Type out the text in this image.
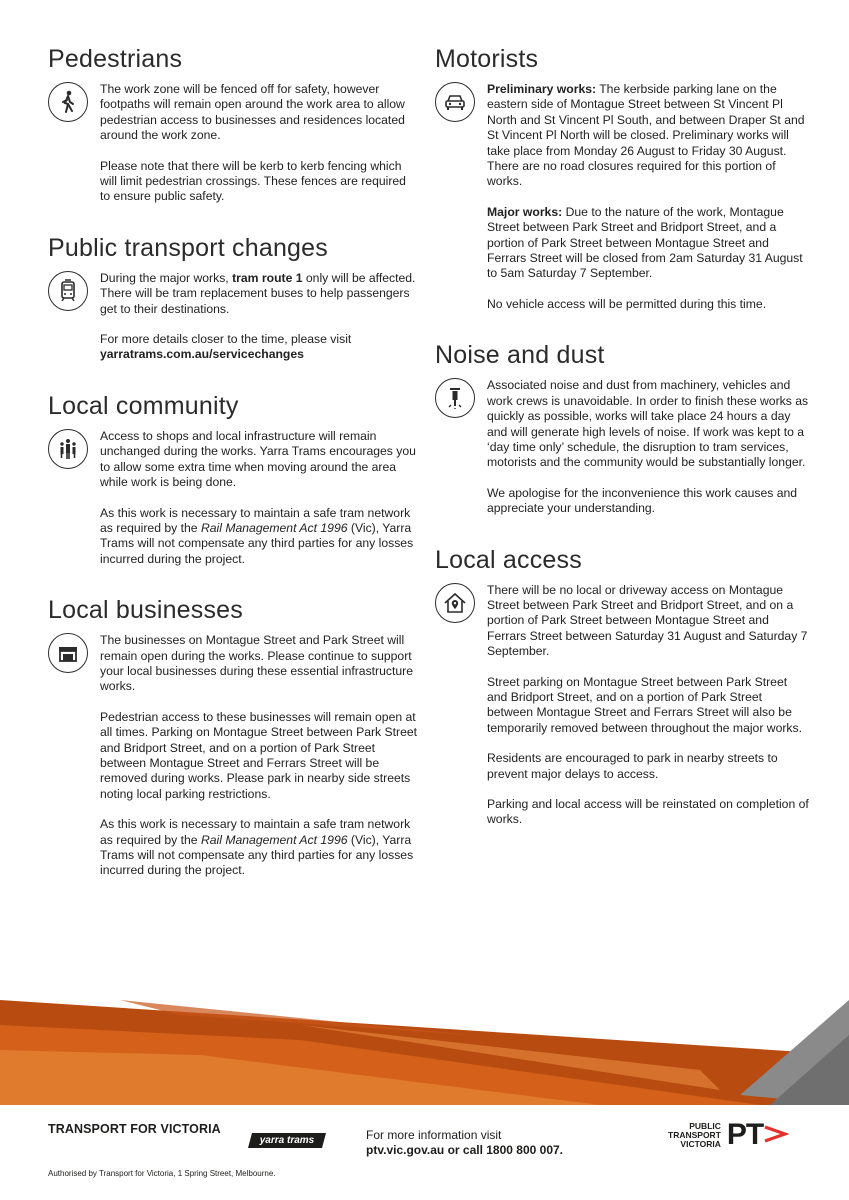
Pedestrians

The work zone will be fenced off for safety, however footpaths will remain open around the work area to allow pedestrian access to businesses and residences located around the work zone.

Please note that there will be kerb to kerb fencing which will limit pedestrian crossings. These fences are required to ensure public safety.

Public transport changes

During the major works, tram route 1 only will be affected. There will be tram replacement buses to help passengers get to their destinations.

For more details closer to the time, please visit
yarratrams.com.au/servicechanges

Local community

Access to shops and local infrastructure will remain unchanged during the works. Yarra Trams encourages you to allow some extra time when moving around the area while work is being done.

As this work is necessary to maintain a safe tram network as required by the Rail Management Act 1996 (Vic), Yarra Trams will not compensate any third parties for any losses incurred during the project.

Local businesses

The businesses on Montague Street and Park Street will remain open during the works. Please continue to support your local businesses during these essential infrastructure works.

Pedestrian access to these businesses will remain open at all times. Parking on Montague Street between Park Street and Bridport Street, and on a portion of Park Street between Montague Street and Ferrars Street will be removed during works. Please park in nearby side streets noting local parking restrictions.

As this work is necessary to maintain a safe tram network as required by the Rail Management Act 1996 (Vic), Yarra Trams will not compensate any third parties for any losses incurred during the project.

Motorists

Preliminary works: The kerbside parking lane on the eastern side of Montague Street between St Vincent Pl North and St Vincent Pl South, and between Draper St and St Vincent Pl North will be closed. Preliminary works will take place from Monday 26 August to Friday 30 August. There are no road closures required for this portion of works.

Major works: Due to the nature of the work, Montague Street between Park Street and Bridport Street, and a portion of Park Street between Montague Street and Ferrars Street will be closed from 2am Saturday 31 August to 5am Saturday 7 September.

No vehicle access will be permitted during this time.

Noise and dust

Associated noise and dust from machinery, vehicles and work crews is unavoidable. In order to finish these works as quickly as possible, works will take place 24 hours a day and will generate high levels of noise. If work was kept to a ‘day time only’ schedule, the disruption to tram services, motorists and the community would be substantially longer.

We apologise for the inconvenience this work causes and appreciate your understanding.

Local access

There will be no local or driveway access on Montague Street between Park Street and Bridport Street, and on a portion of Park Street between Montague Street and Ferrars Street between Saturday 31 August and Saturday 7 September.

Street parking on Montague Street between Park Street and Bridport Street, and on a portion of Park Street between Montague Street and Ferrars Street will also be temporarily removed between throughout the major works.

Residents are encouraged to park in nearby streets to prevent major delays to access.

Parking and local access will be reinstated on completion of works.

TRANSPORT FOR VICTORIA
yarra trams	For more information visit
ptv.vic.gov.au or call 1800 800 007.
Authorised by Transport for Victoria, 1 Spring Street, Melbourne.
PUBLIC
TRANSPORT
VICTORIA PT
